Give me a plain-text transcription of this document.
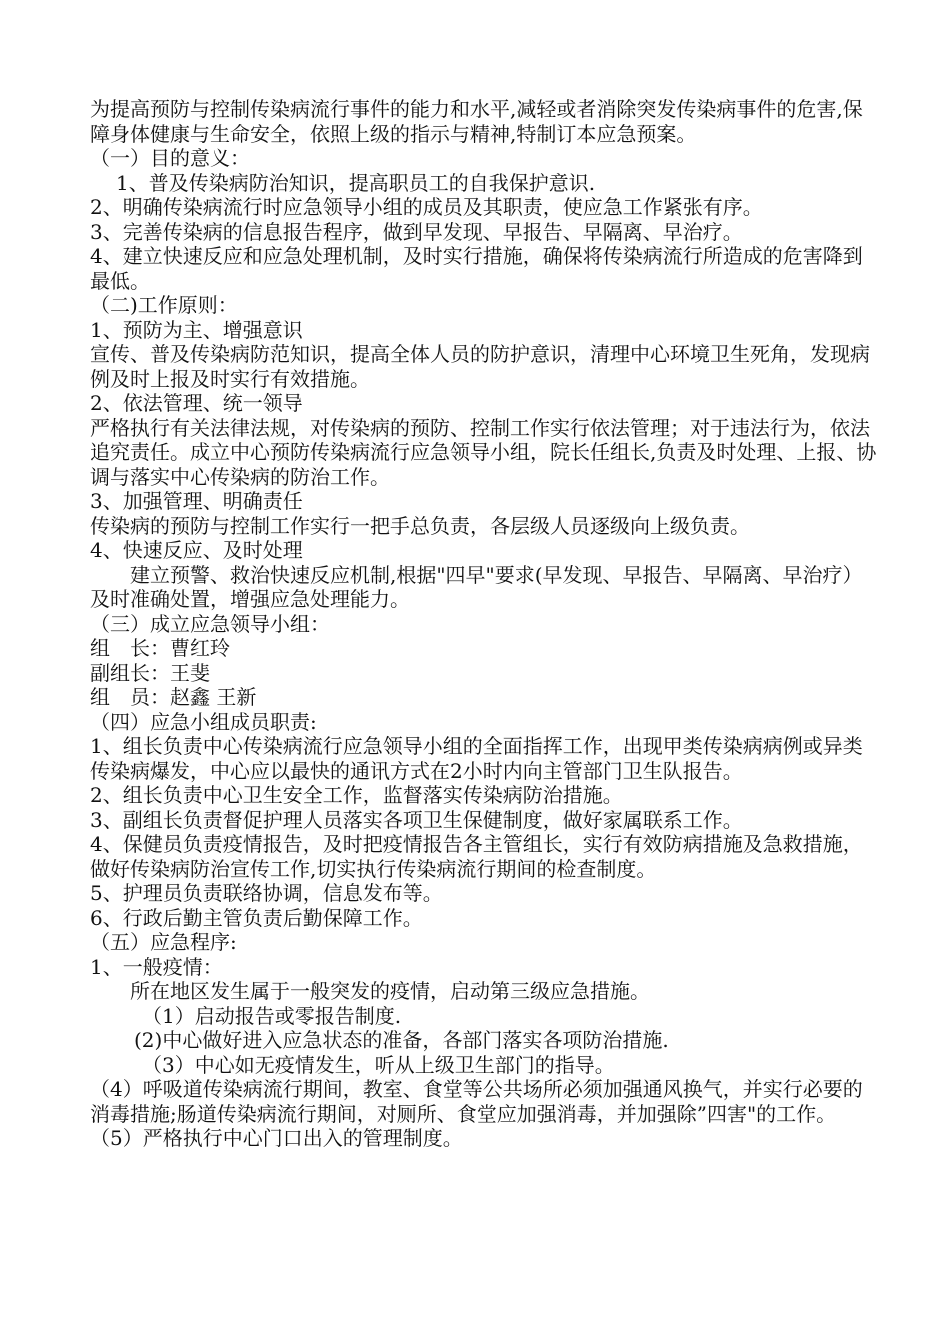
为提高预防与控制传染病流行事件的能力和水平,减轻或者消除突发传染病事件的危害,保障身体健康与生命安全，依照上级的指示与精神,特制订本应急预案。

（一）目的意义：

1、普及传染病防治知识，提高职员工的自我保护意识.

2、明确传染病流行时应急领导小组的成员及其职责，使应急工作紧张有序。

3、完善传染病的信息报告程序，做到早发现、早报告、早隔离、早治疗。

4、建立快速反应和应急处理机制，及时实行措施，确保将传染病流行所造成的危害降到最低。

（二)工作原则：

1、预防为主、增强意识

宣传、普及传染病防范知识，提高全体人员的防护意识，清理中心环境卫生死角，发现病例及时上报及时实行有效措施。

2、依法管理、统一领导

严格执行有关法律法规，对传染病的预防、控制工作实行依法管理；对于违法行为，依法追究责任。成立中心预防传染病流行应急领导小组，院长任组长,负责及时处理、上报、协调与落实中心传染病的防治工作。

3、加强管理、明确责任

传染病的预防与控制工作实行一把手总负责，各层级人员逐级向上级负责。

4、快速反应、及时处理

建立预警、救治快速反应机制,根据"四早"要求(早发现、早报告、早隔离、早治疗）及时准确处置，增强应急处理能力。

（三）成立应急领导小组：

组　长：曹红玲

副组长：王斐

组　员：赵鑫 王新

（四）应急小组成员职责:

1、组长负责中心传染病流行应急领导小组的全面指挥工作，出现甲类传染病病例或异类传染病爆发，中心应以最快的通讯方式在2小时内向主管部门卫生队报告。

2、组长负责中心卫生安全工作，监督落实传染病防治措施。

3、副组长负责督促护理人员落实各项卫生保健制度，做好家属联系工作。

4、保健员负责疫情报告，及时把疫情报告各主管组长，实行有效防病措施及急救措施，做好传染病防治宣传工作,切实执行传染病流行期间的检查制度。

5、护理员负责联络协调，信息发布等。

6、行政后勤主管负责后勤保障工作。

（五）应急程序:

1、一般疫情：

所在地区发生属于一般突发的疫情，启动第三级应急措施。

（1）启动报告或零报告制度.

(2)中心做好进入应急状态的准备，各部门落实各项防治措施.

（3）中心如无疫情发生，听从上级卫生部门的指导。

（4）呼吸道传染病流行期间，教室、食堂等公共场所必须加强通风换气，并实行必要的消毒措施;肠道传染病流行期间，对厕所、食堂应加强消毒，并加强除”四害"的工作。

（5）严格执行中心门口出入的管理制度。
